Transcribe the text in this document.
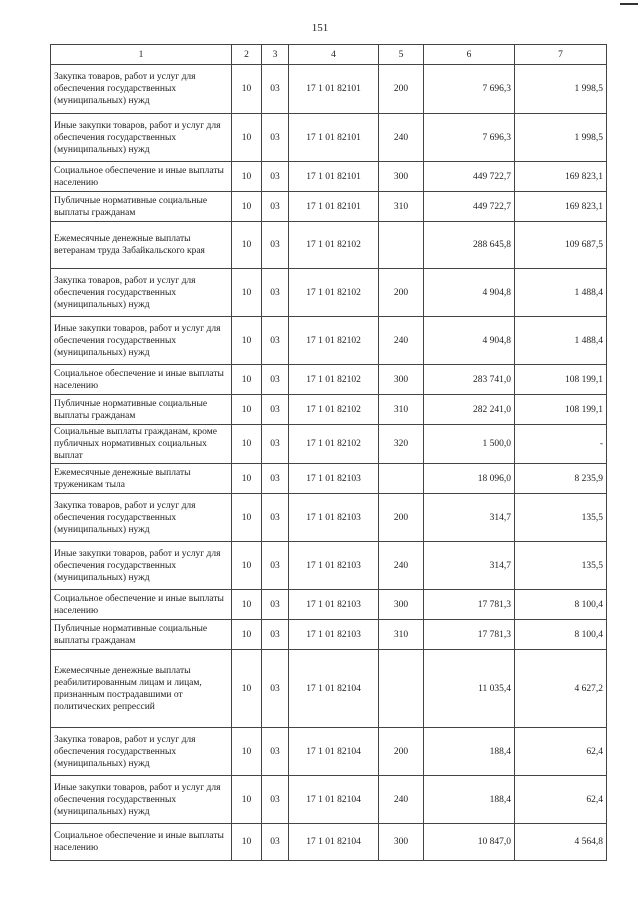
151
1	2	3	4	5	6	7
Закупка товаров, работ и услуг для обеспечения государственных (муниципальных) нужд	10	03	17 1 01 82101	200	7 696,3	1 998,5
Иные закупки товаров, работ и услуг для обеспечения государственных (муниципальных) нужд	10	03	17 1 01 82101	240	7 696,3	1 998,5
Социальное обеспечение и иные выплаты населению	10	03	17 1 01 82101	300	449 722,7	169 823,1
Публичные нормативные социальные выплаты гражданам	10	03	17 1 01 82101	310	449 722,7	169 823,1
Ежемесячные денежные выплаты ветеранам труда Забайкальского края	10	03	17 1 01 82102		288 645,8	109 687,5
Закупка товаров, работ и услуг для обеспечения государственных (муниципальных) нужд	10	03	17 1 01 82102	200	4 904,8	1 488,4
Иные закупки товаров, работ и услуг для обеспечения государственных (муниципальных) нужд	10	03	17 1 01 82102	240	4 904,8	1 488,4
Социальное обеспечение и иные выплаты населению	10	03	17 1 01 82102	300	283 741,0	108 199,1
Публичные нормативные социальные выплаты гражданам	10	03	17 1 01 82102	310	282 241,0	108 199,1
Социальные выплаты гражданам, кроме публичных нормативных социальных выплат	10	03	17 1 01 82102	320	1 500,0	-
Ежемесячные денежные выплаты труженикам тыла	10	03	17 1 01 82103		18 096,0	8 235,9
Закупка товаров, работ и услуг для обеспечения государственных (муниципальных) нужд	10	03	17 1 01 82103	200	314,7	135,5
Иные закупки товаров, работ и услуг для обеспечения государственных (муниципальных) нужд	10	03	17 1 01 82103	240	314,7	135,5
Социальное обеспечение и иные выплаты населению	10	03	17 1 01 82103	300	17 781,3	8 100,4
Публичные нормативные социальные выплаты гражданам	10	03	17 1 01 82103	310	17 781,3	8 100,4
Ежемесячные денежные выплаты реабилитированным лицам и лицам, признанным пострадавшими от политических репрессий	10	03	17 1 01 82104		11 035,4	4 627,2
Закупка товаров, работ и услуг для обеспечения государственных (муниципальных) нужд	10	03	17 1 01 82104	200	188,4	62,4
Иные закупки товаров, работ и услуг для обеспечения государственных (муниципальных) нужд	10	03	17 1 01 82104	240	188,4	62,4
Социальное обеспечение и иные выплаты населению	10	03	17 1 01 82104	300	10 847,0	4 564,8
